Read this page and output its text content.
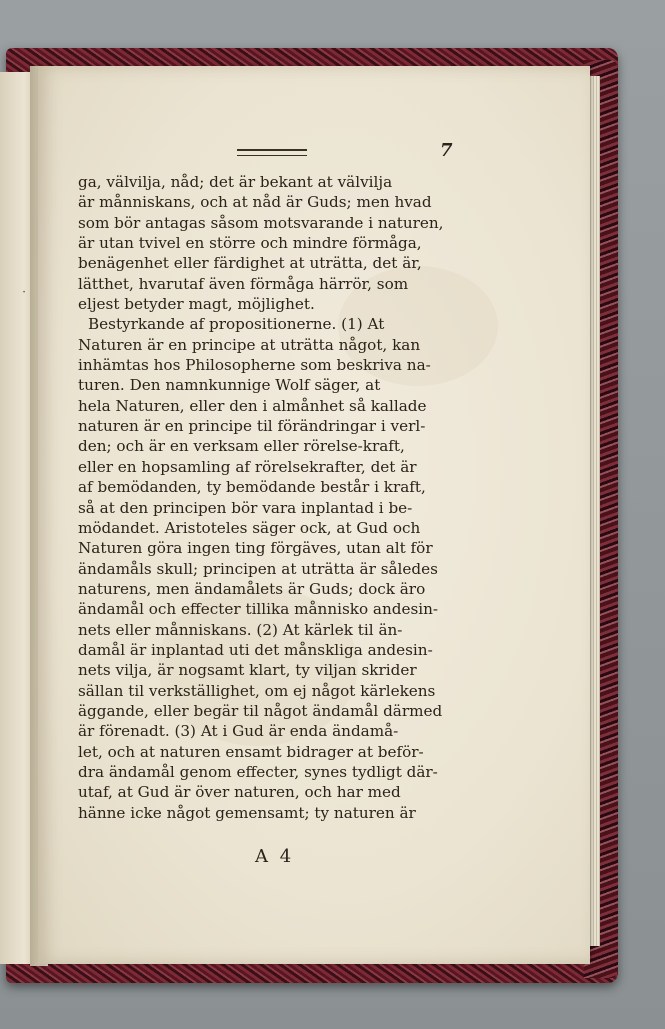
·
7
ga, välvilja, nåd; det är bekant at välvilja
är månniskans, och at nåd är Guds; men hvad
som bör antagas såsom motsvarande i naturen,
är utan tvivel en större och mindre förmåga,
benägenhet eller färdighet at uträtta, det är,
lätthet, hvarutaf även förmåga härrör, som
eljest betyder magt, möjlighet.
Bestyrkande af propositionerne. (1) At
Naturen är en principe at uträtta något, kan
inhämtas hos Philosopherne som beskriva na-
turen. Den namnkunnige Wolf säger, at
hela Naturen, eller den i almånhet så kallade
naturen är en principe til förändringar i verl-
den; och är en verksam eller rörelse-kraft,
eller en hopsamling af rörelsekrafter, det är
af bemödanden, ty bemödande består i kraft,
så at den principen bör vara inplantad i be-
mödandet. Aristoteles säger ock, at Gud och
Naturen göra ingen ting förgäves, utan alt för
ändamåls skull; principen at uträtta är således
naturens, men ändamålets är Guds; dock äro
ändamål och effecter tillika månnisko andesin-
nets eller månniskans. (2) At kärlek til än-
damål är inplantad uti det månskliga andesin-
nets vilja, är nogsamt klart, ty viljan skrider
sällan til verkställighet, om ej något kärlekens
äggande, eller begär til något ändamål därmed
är förenadt. (3) At i Gud är enda ändamå-
let, och at naturen ensamt bidrager at beför-
dra ändamål genom effecter, synes tydligt där-
utaf, at Gud är över naturen, och har med
hänne icke något gemensamt; ty naturen är
A 4
